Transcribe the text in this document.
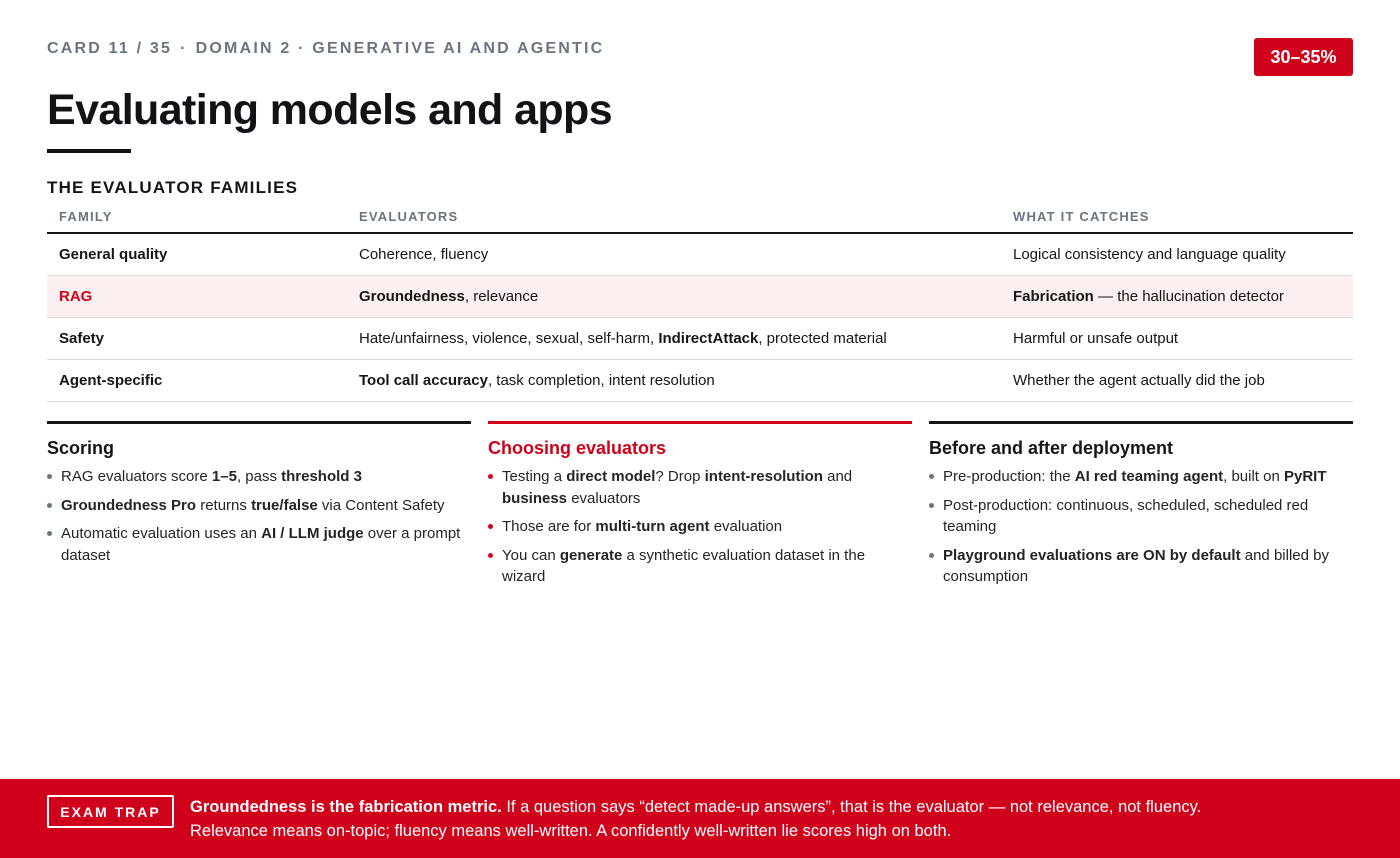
CARD 11 / 35 · DOMAIN 2 · GENERATIVE AI AND AGENTIC	30–35%
Evaluating models and apps
THE EVALUATOR FAMILIES
FAMILY	EVALUATORS	WHAT IT CATCHES
General quality	Coherence, fluency	Logical consistency and language quality
RAG	Groundedness, relevance	Fabrication — the hallucination detector
Safety	Hate/unfairness, violence, sexual, self-harm, IndirectAttack, protected material	Harmful or unsafe output
Agent-specific	Tool call accuracy, task completion, intent resolution	Whether the agent actually did the job
Scoring
RAG evaluators score 1–5, pass threshold 3
Groundedness Pro returns true/false via Content Safety
Automatic evaluation uses an AI / LLM judge over a prompt dataset
Choosing evaluators
Testing a direct model? Drop intent-resolution and business evaluators
Those are for multi-turn agent evaluation
You can generate a synthetic evaluation dataset in the wizard
Before and after deployment
Pre-production: the AI red teaming agent, built on PyRIT
Post-production: continuous, scheduled, scheduled red teaming
Playground evaluations are ON by default and billed by consumption
EXAM TRAP	Groundedness is the fabrication metric. If a question says “detect made-up answers”, that is the evaluator — not relevance, not fluency.
Relevance means on-topic; fluency means well-written. A confidently well-written lie scores high on both.
